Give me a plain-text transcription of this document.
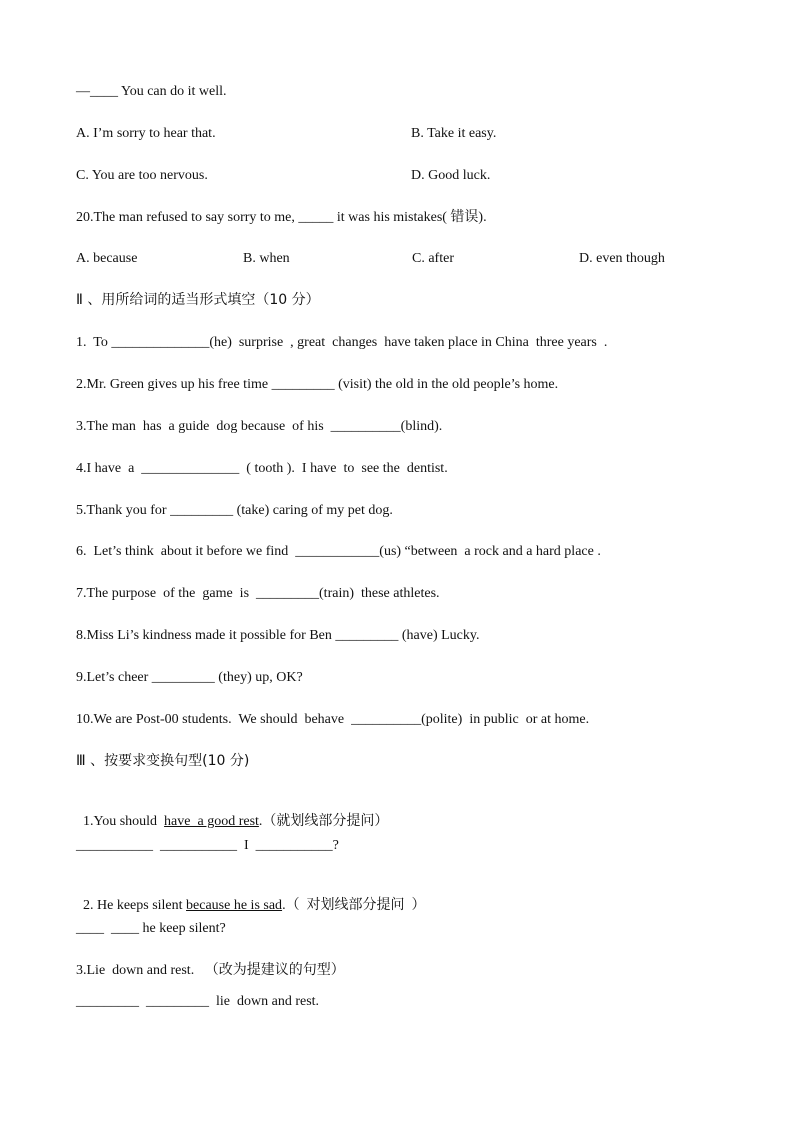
—____ You can do it well.
A. I’m sorry to hear that.	B. Take it easy.
C. You are too nervous.	D. Good luck.
20.The man refused to say sorry to me, _____ it was his mistakes( 错误).
A. because	B. when	C. after	D. even though
Ⅱ 、用所给词的适当形式填空（10 分）
1.  To ______________(he)  surprise  , great  changes  have taken place in China  three years  .
2.Mr. Green gives up his free time _________ (visit) the old in the old people’s home.
3.The man  has  a guide  dog because  of his  __________(blind).
4.I have  a  ______________  ( tooth ).  I have  to  see the  dentist.
5.Thank you for _________ (take) caring of my pet dog.
6.  Let’s think  about it before we find  ____________(us) “between  a rock and a hard place .
7.The purpose  of the  game  is  _________(train)  these athletes.
8.Miss Li’s kindness made it possible for Ben _________ (have) Lucky.
9.Let’s cheer _________ (they) up, OK?
10.We are Post-00 students.  We should  behave  __________(polite)  in public  or at home.
Ⅲ 、按要求变换句型(10 分)

1.You should  have  a good rest.（就划线部分提问）

___________  ___________  I  ___________?

2. He keeps silent because he is sad.（  对划线部分提问  ）

____  ____ he keep silent?
3.Lie  down and rest.   （改为提建议的句型）
_________  _________  lie  down and rest.
